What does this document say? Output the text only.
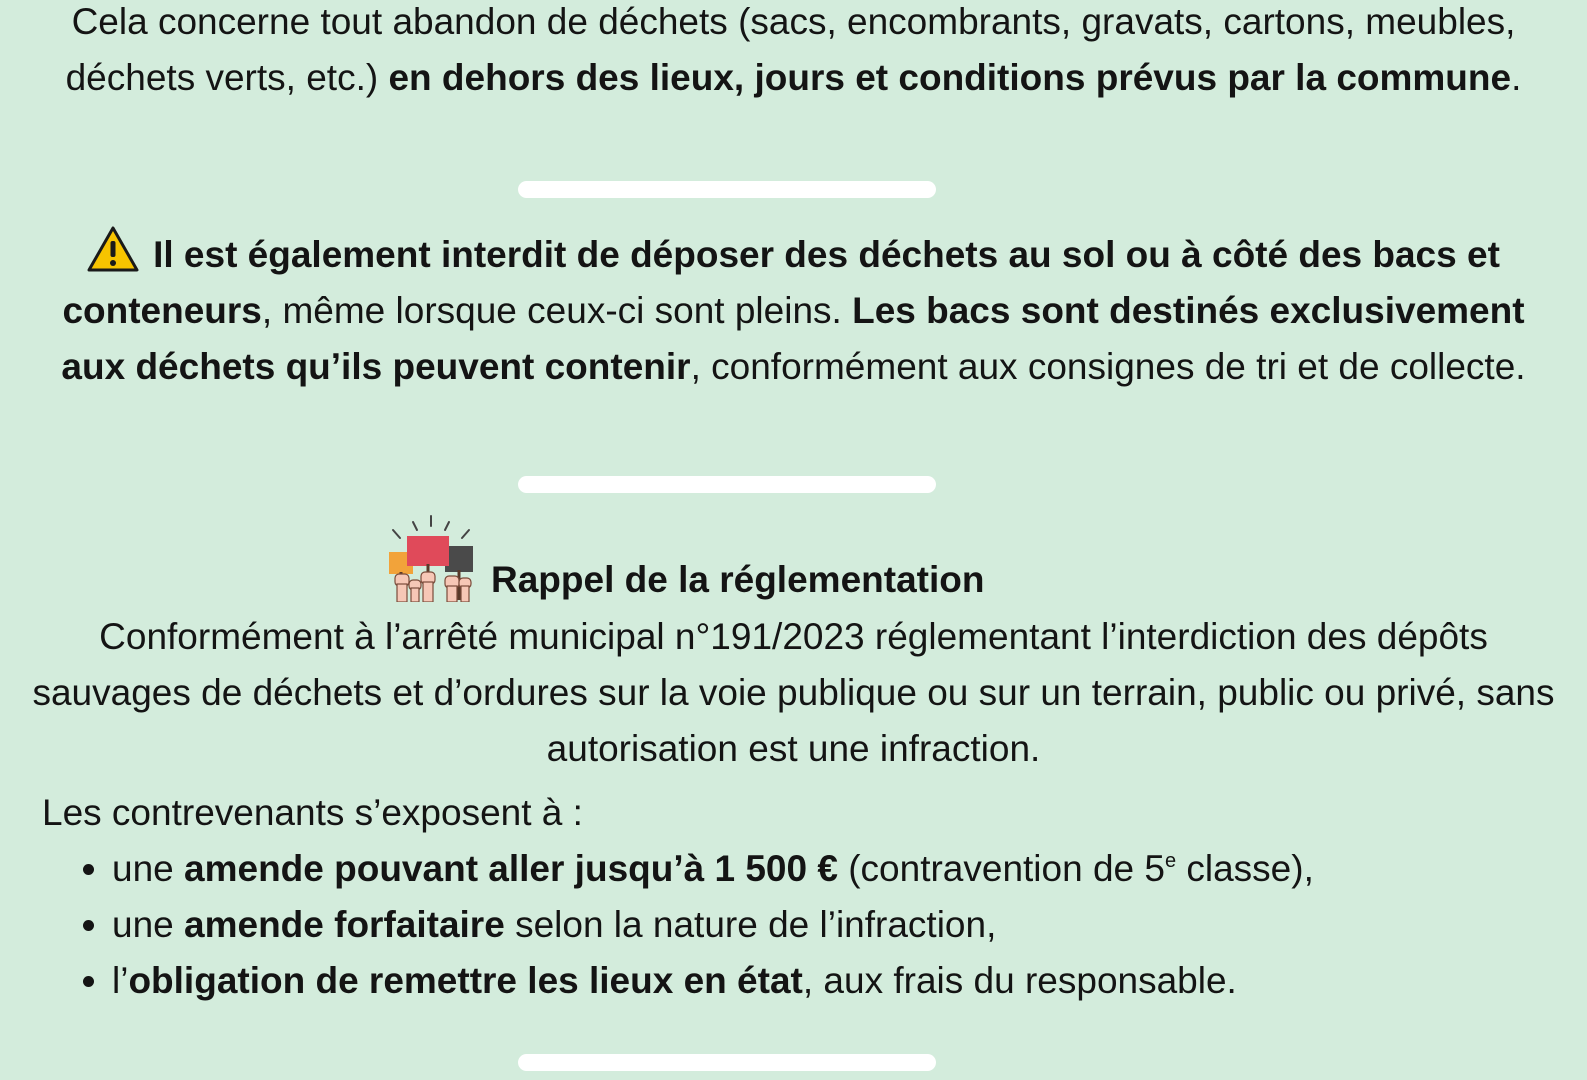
Cela concerne tout abandon de déchets (sacs, encombrants, gravats, cartons, meubles, déchets verts, etc.) en dehors des lieux, jours et conditions prévus par la commune.

Il est également interdit de déposer des déchets au sol ou à côté des bacs et conteneurs, même lorsque ceux-ci sont pleins. Les bacs sont destinés exclusivement aux déchets qu’ils peuvent contenir, conformément aux consignes de tri et de collecte.

Rappel de la réglementation

Conformément à l’arrêté municipal n°191/2023 réglementant l’interdiction des dépôts sauvages de déchets et d’ordures sur la voie publique ou sur un terrain, public ou privé, sans autorisation est une infraction.

Les contrevenants s’exposent à :

• une amende pouvant aller jusqu’à 1 500 € (contravention de 5e classe),
• une amende forfaitaire selon la nature de l’infraction,
• l’obligation de remettre les lieux en état, aux frais du responsable.
